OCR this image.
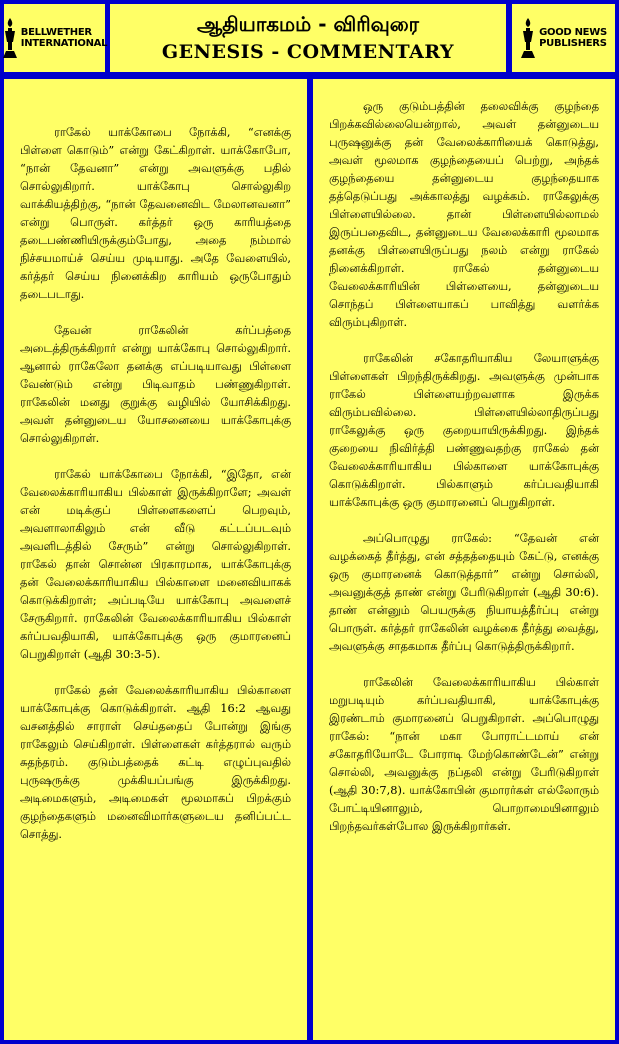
BELLWETHER
INTERNATIONAL
ஆதியாகமம் - விரிவுரை
GENESIS - COMMENTARY
GOOD NEWS
PUBLISHERS

ராகேல் யாக்கோபை நோக்கி, “எனக்கு பிள்ளை கொடும்” என்று கேட்கிறாள். யாக்கோபோ, “நான் தேவனா” என்று அவளுக்கு பதில் சொல்லுகிறார். யாக்கோபு சொல்லுகிற வாக்கியத்திற்கு, “நான் தேவனைவிட மேலானவனா” என்று பொருள். கர்த்தர் ஒரு காரியத்தை தடைபண்ணியிருக்கும்போது, அதை நம்மால் நிச்சயமாய்ச் செய்ய முடியாது. அதே வேளையில், கர்த்தர் செய்ய நினைக்கிற காரியம் ஒருபோதும் தடைபடாது.

தேவன் ராகேலின் கர்ப்பத்தை அடைத்திருக்கிறார் என்று யாக்கோபு சொல்லுகிறார். ஆனால் ராகேலோ தனக்கு எப்படியாவது பிள்ளை வேண்டும் என்று பிடிவாதம் பண்ணுகிறாள். ராகேலின் மனது குறுக்கு வழியில் யோசிக்கிறது. அவள் தன்னுடைய யோசனையை யாக்கோபுக்கு சொல்லுகிறாள்.

ராகேல் யாக்கோபை நோக்கி, “இதோ, என் வேலைக்காரியாகிய பில்காள் இருக்கிறாளே; அவள் என் மடிக்குப் பிள்ளைகளைப் பெறவும், அவளாலாகிலும் என் வீடு கட்டப்படவும் அவளிடத்தில் சேரும்” என்று சொல்லுகிறாள். ராகேல் தான் சொன்ன பிரகாரமாக, யாக்கோபுக்கு தன் வேலைக்காரியாகிய பில்காளை மனைவியாகக் கொடுக்கிறாள்; அப்படியே யாக்கோபு அவளைச் சேருகிறார். ராகேலின் வேலைக்காரியாகிய பில்காள் கர்ப்பவதியாகி, யாக்கோபுக்கு ஒரு குமாரனைப் பெறுகிறாள் (ஆதி 30:3-5).

ராகேல் தன் வேலைக்காரியாகிய பில்காளை யாக்கோபுக்கு கொடுக்கிறாள். ஆதி 16:2 ஆவது வசனத்தில் சாராள் செய்ததைப் போன்று இங்கு ராகேலும் செய்கிறாள். பிள்ளைகள் கர்த்தரால் வரும் சுதந்தரம். குடும்பத்தைக் கட்டி எழுப்புவதில் புருஷருக்கு முக்கியப்பங்கு இருக்கிறது. அடிமைகளும், அடிமைகள் மூலமாகப் பிறக்கும் குழந்தைகளும் மனைவிமார்களுடைய தனிப்பட்ட சொத்து.

ஒரு குடும்பத்தின் தலைவிக்கு குழந்தை பிறக்கவில்லையென்றால், அவள் தன்னுடைய புருஷனுக்கு தன் வேலைக்காரியைக் கொடுத்து, அவள் மூலமாக குழந்தையைப் பெற்று, அந்தக் குழந்தையை தன்னுடைய குழந்தையாக தத்தெடுப்பது அக்காலத்து வழக்கம். ராகேலுக்கு பிள்ளையில்லை. தான் பிள்ளையில்லாமல் இருப்பதைவிட, தன்னுடைய வேலைக்காரி மூலமாக தனக்கு பிள்ளையிருப்பது நலம் என்று ராகேல் நினைக்கிறாள். ராகேல் தன்னுடைய வேலைக்காரியின் பிள்ளையை, தன்னுடைய சொந்தப் பிள்ளையாகப் பாவித்து வளர்க்க விரும்புகிறாள்.

ராகேலின் சகோதரியாகிய லேயாளுக்கு பிள்ளைகள் பிறந்திருக்கிறது. அவளுக்கு முன்பாக ராகேல் பிள்ளையற்றவளாக இருக்க விரும்பவில்லை. பிள்ளையில்லாதிருப்பது ராகேலுக்கு ஒரு குறையாயிருக்கிறது. இந்தக் குறையை நிவிர்த்தி பண்ணுவதற்கு ராகேல் தன் வேலைக்காரியாகிய பில்காளை யாக்கோபுக்கு கொடுக்கிறாள். பில்காளும் கர்ப்பவதியாகி யாக்கோபுக்கு ஒரு குமாரனைப் பெறுகிறாள்.

அப்பொழுது ராகேல்: “தேவன் என் வழக்கைத் தீர்த்து, என் சத்தத்தையும் கேட்டு, எனக்கு ஒரு குமாரனைக் கொடுத்தார்” என்று சொல்லி, அவனுக்குத் தாண் என்று பேரிடுகிறாள் (ஆதி 30:6). தாண் என்னும் பெயருக்கு நியாயத்தீர்ப்பு என்று பொருள். கர்த்தர் ராகேலின் வழக்கை தீர்த்து வைத்து, அவளுக்கு சாதகமாக தீர்ப்பு கொடுத்திருக்கிறார்.

ராகேலின் வேலைக்காரியாகிய பில்காள் மறுபடியும் கர்ப்பவதியாகி, யாக்கோபுக்கு இரண்டாம் குமாரனைப் பெறுகிறாள். அப்பொழுது ராகேல்: “நான் மகா போராட்டமாய் என் சகோதரியோடே போராடி மேற்கொண்டேன்” என்று சொல்லி, அவனுக்கு நப்தலி என்று பேரிடுகிறாள் (ஆதி 30:7,8). யாக்கோபின் குமாரர்கள் எல்லோரும் போட்டியினாலும், பொறாமையினாலும் பிறந்தவர்கள்போல இருக்கிறார்கள்.
